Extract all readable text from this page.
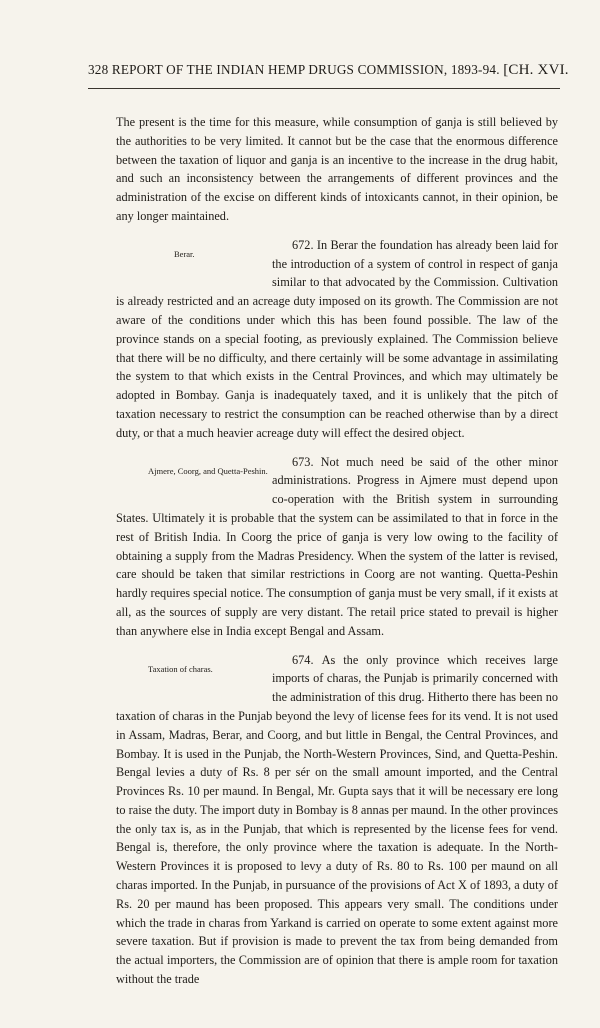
328 REPORT OF THE INDIAN HEMP DRUGS COMMISSION, 1893-94. [CH. XVI.

The present is the time for this measure, while consumption of ganja is still believed by the authorities to be very limited. It cannot but be the case that the enormous difference between the taxation of liquor and ganja is an incentive to the increase in the drug habit, and such an inconsistency between the arrangements of different provinces and the administration of the excise on different kinds of intoxicants cannot, in their opinion, be any longer maintained.

672.
Berar.
In Berar the foundation has already been laid for the introduction of a system of control in respect of ganja similar to that advocated by the Commission. Cultivation is already restricted and an acreage duty imposed on its growth. The Commission are not aware of the conditions under which this has been found possible. The law of the province stands on a special footing, as previously explained. The Commission believe that there will be no difficulty, and there certainly will be some advantage in assimilating the system to that which exists in the Central Provinces, and which may ultimately be adopted in Bombay. Ganja is inadequately taxed, and it is unlikely that the pitch of taxation necessary to restrict the consumption can be reached otherwise than by a direct duty, or that a much heavier acreage duty will effect the desired object.

673.
Ajmere, Coorg, and Quetta-Peshin.
Not much need be said of the other minor administrations. Progress in Ajmere must depend upon co-operation with the British system in surrounding States. Ultimately it is probable that the system can be assimilated to that in force in the rest of British India. In Coorg the price of ganja is very low owing to the facility of obtaining a supply from the Madras Presidency. When the system of the latter is revised, care should be taken that similar restrictions in Coorg are not wanting. Quetta-Peshin hardly requires special notice. The consumption of ganja must be very small, if it exists at all, as the sources of supply are very distant. The retail price stated to prevail is higher than anywhere else in India except Bengal and Assam.

674.
Taxation of charas.
As the only province which receives large imports of charas, the Punjab is primarily concerned with the administration of this drug. Hitherto there has been no taxation of charas in the Punjab beyond the levy of license fees for its vend. It is not used in Assam, Madras, Berar, and Coorg, and but little in Bengal, the Central Provinces, and Bombay. It is used in the Punjab, the North-Western Provinces, Sind, and Quetta-Peshin. Bengal levies a duty of Rs. 8 per sér on the small amount imported, and the Central Provinces Rs. 10 per maund. In Bengal, Mr. Gupta says that it will be necessary ere long to raise the duty. The import duty in Bombay is 8 annas per maund. In the other provinces the only tax is, as in the Punjab, that which is represented by the license fees for vend. Bengal is, therefore, the only province where the taxation is adequate. In the North-Western Provinces it is proposed to levy a duty of Rs. 80 to Rs. 100 per maund on all charas imported. In the Punjab, in pursuance of the provisions of Act X of 1893, a duty of Rs. 20 per maund has been proposed. This appears very small. The conditions under which the trade in charas from Yarkand is carried on operate to some extent against more severe taxation. But if provision is made to prevent the tax from being demanded from the actual importers, the Commission are of opinion that there is ample room for taxation without the trade
